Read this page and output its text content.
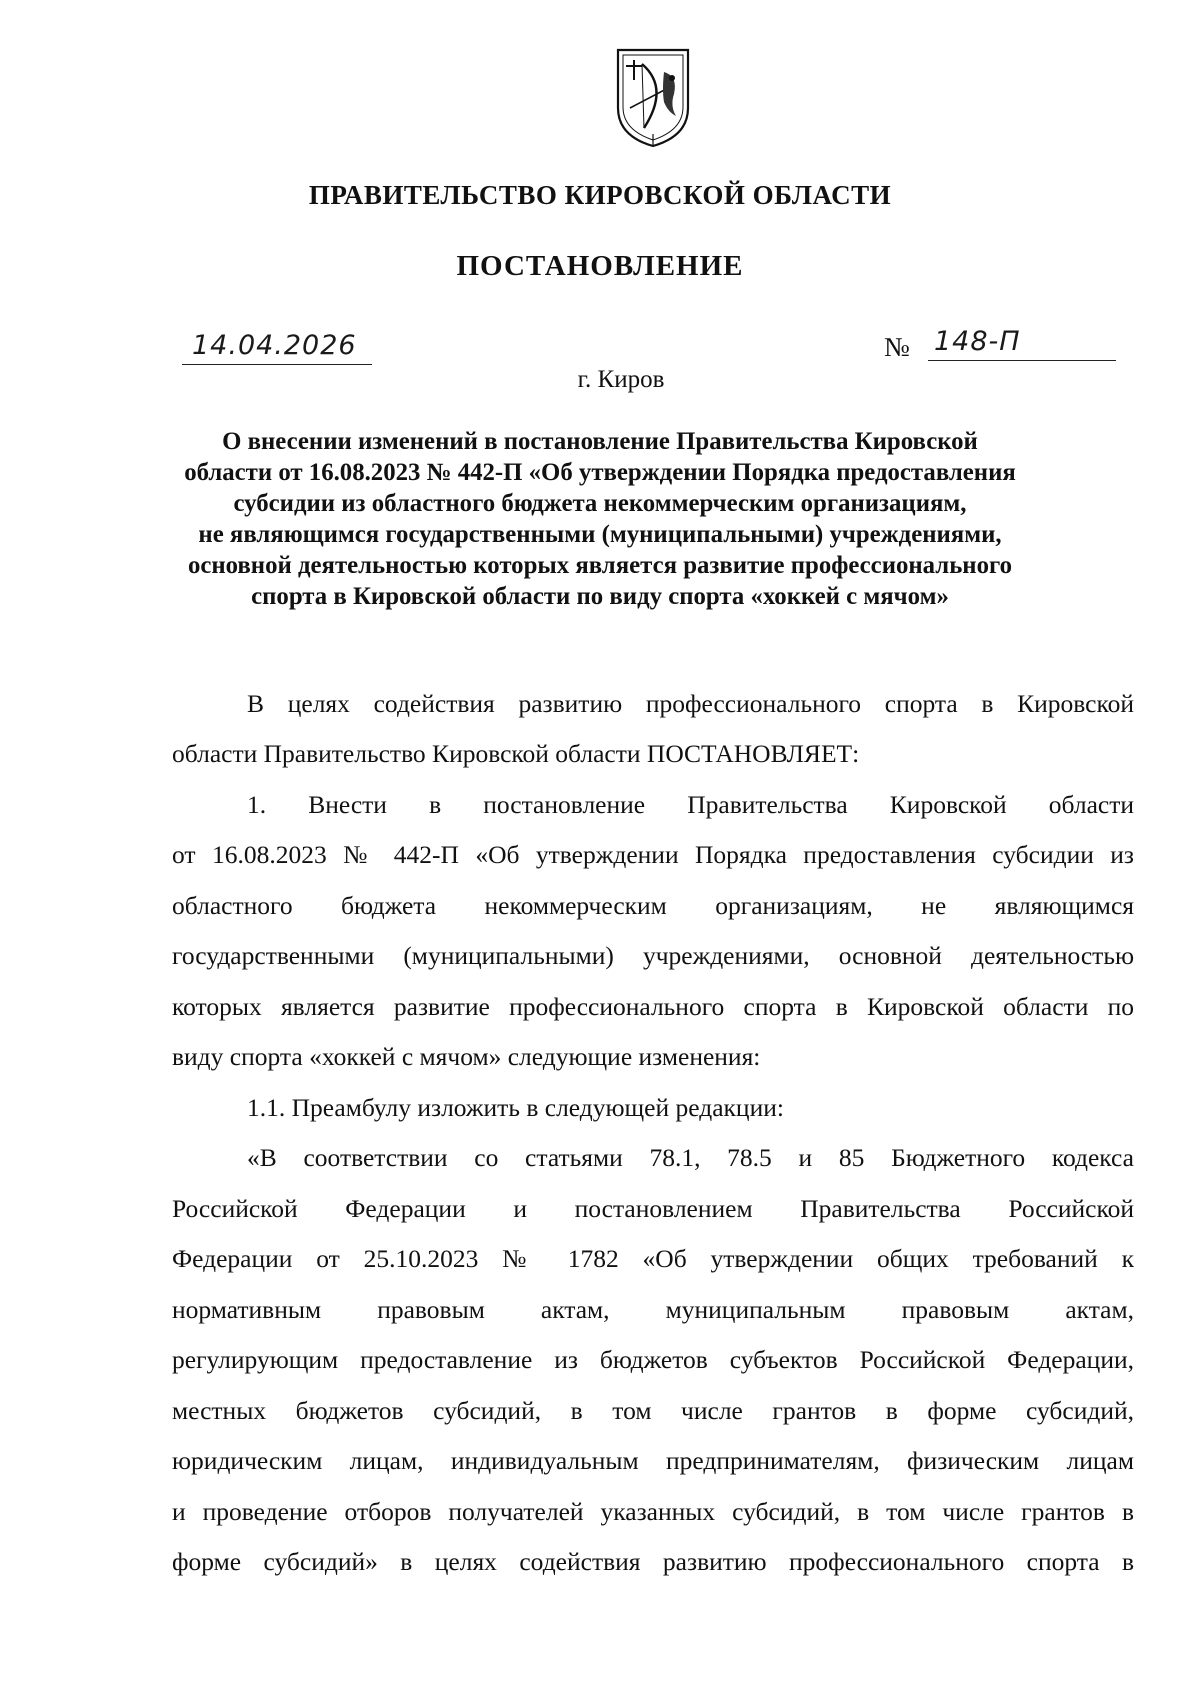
ПРАВИТЕЛЬСТВО КИРОВСКОЙ ОБЛАСТИ
ПОСТАНОВЛЕНИЕ
14.04.2026	№ 148-П
г. Киров
О внесении изменений в постановление Правительства Кировской
области от 16.08.2023 № 442-П «Об утверждении Порядка предоставления
субсидии из областного бюджета некоммерческим организациям,
не являющимся государственными (муниципальными) учреждениями,
основной деятельностью которых является развитие профессионального
спорта в Кировской области по виду спорта «хоккей с мячом»
В целях содействия развитию профессионального спорта в Кировской
области Правительство Кировской области ПОСТАНОВЛЯЕТ:
1. Внести в постановление Правительства Кировской области
от 16.08.2023 № 442-П «Об утверждении Порядка предоставления субсидии из
областного бюджета некоммерческим организациям, не являющимся
государственными (муниципальными) учреждениями, основной деятельностью
которых является развитие профессионального спорта в Кировской области по
виду спорта «хоккей с мячом» следующие изменения:
1.1. Преамбулу изложить в следующей редакции:
«В соответствии со статьями 78.1, 78.5 и 85 Бюджетного кодекса
Российской Федерации и постановлением Правительства Российской
Федерации от 25.10.2023 № 1782 «Об утверждении общих требований к
нормативным правовым актам, муниципальным правовым актам,
регулирующим предоставление из бюджетов субъектов Российской Федерации,
местных бюджетов субсидий, в том числе грантов в форме субсидий,
юридическим лицам, индивидуальным предпринимателям, физическим лицам
и проведение отборов получателей указанных субсидий, в том числе грантов в
форме субсидий» в целях содействия развитию профессионального спорта в
